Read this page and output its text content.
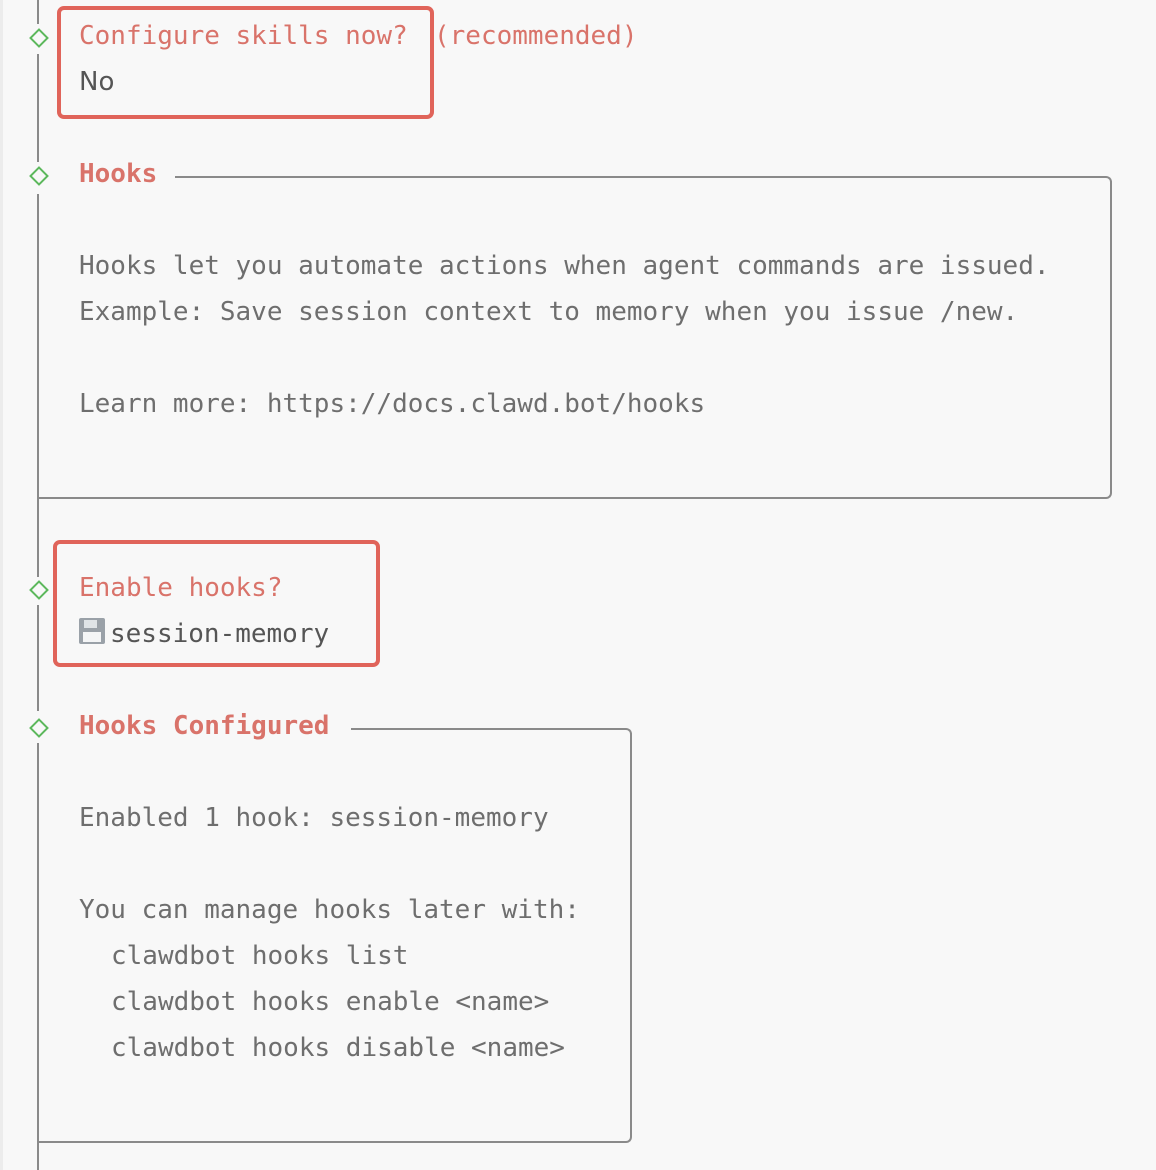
Configure skills now? (recommended)
No
Hooks
Hooks let you automate actions when agent commands are issued.
Example: Save session context to memory when you issue /new.
Learn more: https://docs.clawd.bot/hooks
Enable hooks?
session-memory
Hooks Configured
Enabled 1 hook: session-memory
You can manage hooks later with:
clawdbot hooks list
clawdbot hooks enable <name>
clawdbot hooks disable <name>
